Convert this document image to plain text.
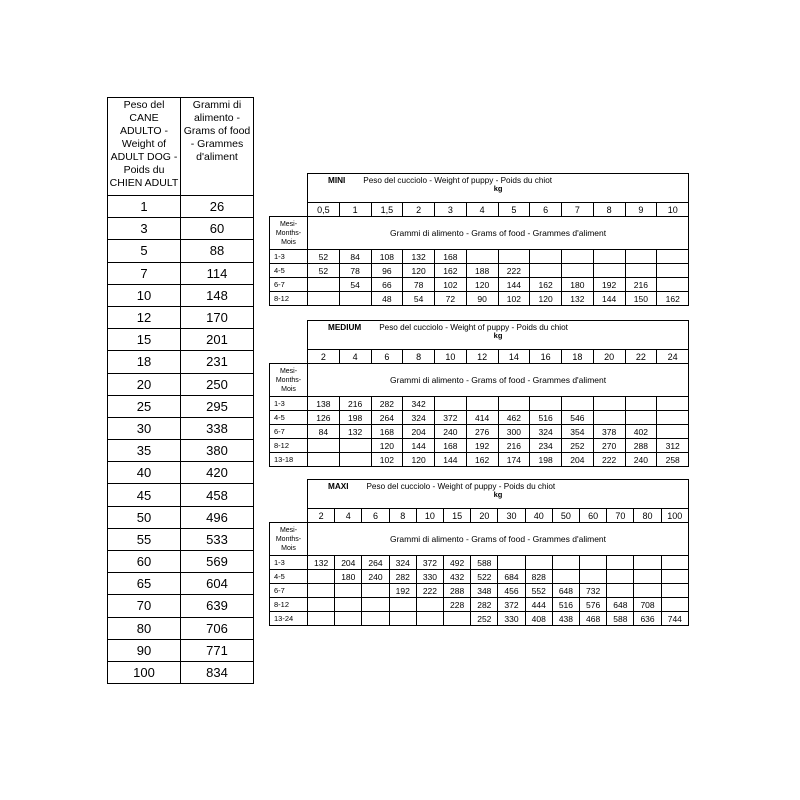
Peso del CANE ADULTO - Weight of ADULT DOG - Poids du CHIEN ADULT	Grammi di alimento - Grams of food - Grammes d'aliment
1	26
3	60
5	88
7	114
10	148
12	170
15	201
18	231
20	250
25	295
30	338
35	380
40	420
45	458
50	496
55	533
60	569
65	604
70	639
80	706
90	771
100	834
	MINI Peso del cucciolo - Weight of puppy - Poids du chiot
kg											

	0,5	1	1,5	2	3	4	5	6	7	8	9	10
Mesi- Months- Mois	Grammi di alimento - Grams of food - Grammes d'aliment											
1-3	52	84	108	132	168							
4-5	52	78	96	120	162	188	222					
6-7		54	66	78	102	120	144	162	180	192	216	
8-12			48	54	72	90	102	120	132	144	150	162
	MEDIUM Peso del cucciolo - Weight of puppy - Poids du chiot
kg											

	2	4	6	8	10	12	14	16	18	20	22	24
Mesi- Months- Mois	Grammi di alimento - Grams of food - Grammes d'aliment											
1-3	138	216	282	342								
4-5	126	198	264	324	372	414	462	516	546			
6-7	84	132	168	204	240	276	300	324	354	378	402	
8-12			120	144	168	192	216	234	252	270	288	312
13-18			102	120	144	162	174	198	204	222	240	258
	MAXI Peso del cucciolo - Weight of puppy - Poids du chiot
kg													

	2	4	6	8	10	15	20	30	40	50	60	70	80	100
Mesi- Months- Mois	Grammi di alimento - Grams of food - Grammes d'aliment													
1-3	132	204	264	324	372	492	588							
4-5		180	240	282	330	432	522	684	828					
6-7				192	222	288	348	456	552	648	732			
8-12						228	282	372	444	516	576	648	708	
13-24							252	330	408	438	468	588	636	744
